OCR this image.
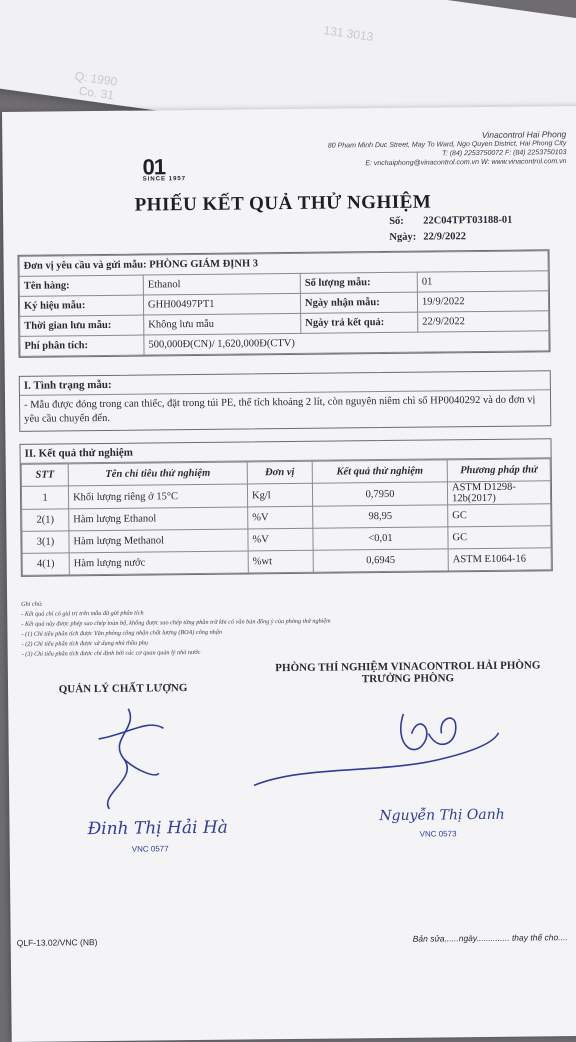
131 3013
Q: 1990
Co. 31
01
SINCE 1957
Vinacontrol Hai Phong
80 Pham Minh Duc Street, May To Ward, Ngo Quyen District, Hai Phong City
T: (84) 2253750072 F: (84) 2253750103
E: vnchaiphong@vinacontrol.com.vn W: www.vinacontrol.com.vn
PHIẾU KẾT QUẢ THỬ NGHIỆM
Số: 22C04TPT03188-01
Ngày: 22/9/2022
Đơn vị yêu cầu và gửi mẫu: PHÒNG GIÁM ĐỊNH 3			
Tên hàng:	Ethanol	Số lượng mẫu:	01
Ký hiệu mẫu:	GHH00497PT1	Ngày nhận mẫu:	19/9/2022
Thời gian lưu mẫu:	Không lưu mẫu	Ngày trả kết quả:	22/9/2022
Phí phân tích:	500,000Đ(CN)/ 1,620,000Đ(CTV)		
I. Tình trạng mẫu:
- Mẫu được đóng trong can thiếc, đặt trong túi PE, thể tích khoảng 2 lít, còn nguyên niêm chì số HP0040292 và do đơn vị yêu cầu chuyển đến.
II. Kết quả thử nghiệm
STT	Tên chỉ tiêu thử nghiệm	Đơn vị	Kết quả thử nghiệm	Phương pháp thử
1	Khối lượng riêng ở 15°C	Kg/l	0,7950	ASTM D1298-12b(2017)
2(1)	Hàm lượng Ethanol	%V	98,95	GC
3(1)	Hàm lượng Methanol	%V	<0,01	GC
4(1)	Hàm lượng nước	%wt	0,6945	ASTM E1064-16
Ghi chú:
- Kết quả chỉ có giá trị trên mẫu đã gửi phân tích
- Kết quả này được phép sao chép toàn bộ, không được sao chép từng phần trừ khi có văn bản đồng ý của phòng thử nghiệm
- (1) Chỉ tiêu phân tích được Văn phòng công nhận chất lượng (BOA) công nhận
- (2) Chỉ tiêu phân tích được sử dụng nhà thầu phụ
- (3) Chỉ tiêu phân tích được chỉ định bởi các cơ quan quản lý nhà nước
QUẢN LÝ CHẤT LƯỢNG
PHÒNG THÍ NGHIỆM VINACONTROL HẢI PHÒNG
TRƯỞNG PHÒNG
Đinh Thị Hải Hà
VNC 0577
Nguyễn Thị Oanh
VNC 0573
QLF-13.02/VNC (NB)	Bản sửa......ngày.............. thay thế cho....
